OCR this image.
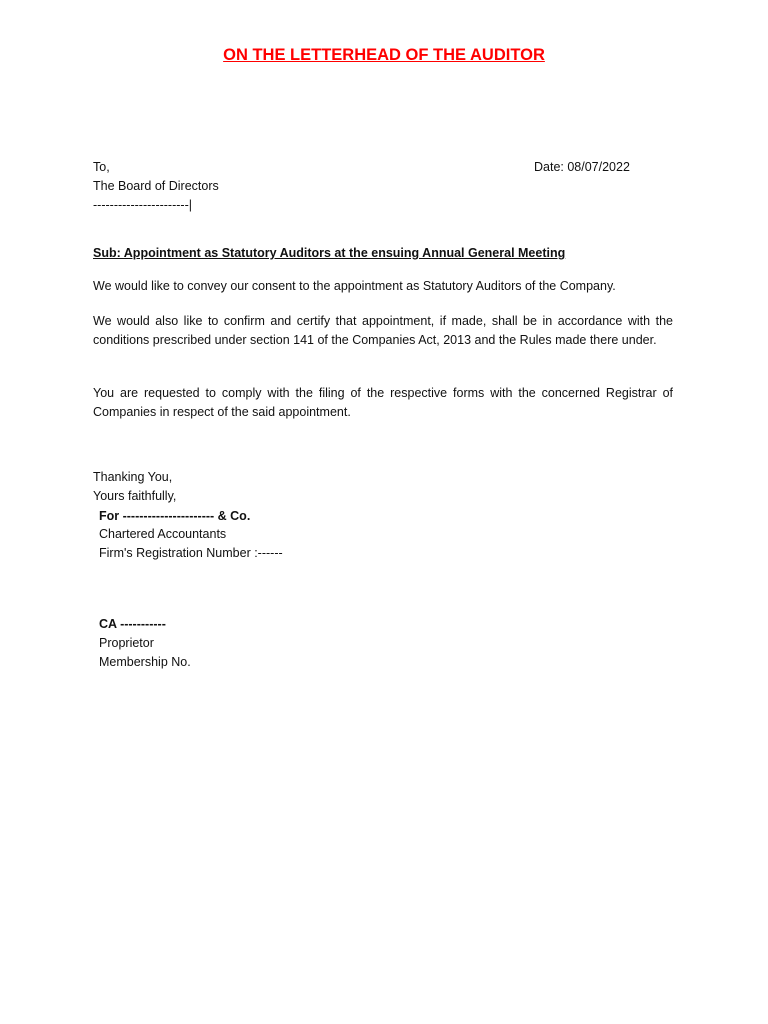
ON THE LETTERHEAD OF THE AUDITOR
To,
The Board of Directors
-----------------------|
Date: 08/07/2022
Sub: Appointment as Statutory Auditors at the ensuing Annual General Meeting
We would like to convey our consent to the appointment as Statutory Auditors of the Company.
We would also like to confirm and certify that appointment, if made, shall be in accordance with the conditions prescribed under section 141 of the Companies Act, 2013 and the Rules made there under.
You are requested to comply with the filing of the respective forms with the concerned Registrar of Companies in respect of the said appointment.
Thanking You,
Yours faithfully,
For ---------------------- & Co.
Chartered Accountants
Firm's Registration Number :------
CA -----------
Proprietor
Membership No.
